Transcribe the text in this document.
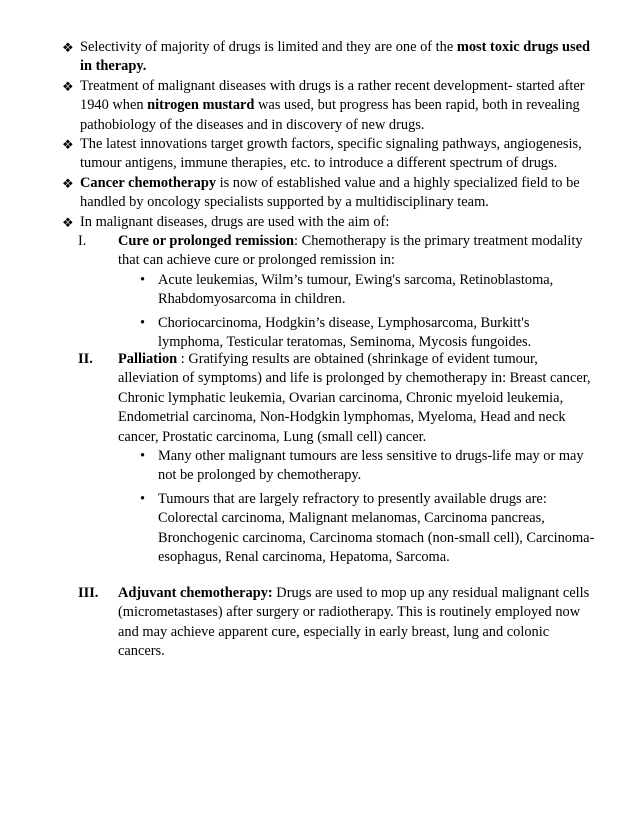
❖ Selectivity of majority of drugs is limited and they are one of the most toxic drugs used in therapy.

❖ Treatment of malignant diseases with drugs is a rather recent development- started after 1940 when nitrogen mustard was used, but progress has been rapid, both in revealing pathobiology of the diseases and in discovery of new drugs.

❖ The latest innovations target growth factors, specific signaling pathways, angiogenesis, tumour antigens, immune therapies, etc. to introduce a different spectrum of drugs.

❖ Cancer chemotherapy is now of established value and a highly specialized field to be handled by oncology specialists supported by a multidisciplinary team.

❖ In malignant diseases, drugs are used with the aim of:

I. Cure or prolonged remission: Chemotherapy is the primary treatment modality that can achieve cure or prolonged remission in:
• Acute leukemias, Wilm’s tumour, Ewing's sarcoma, Retinoblastoma, Rhabdomyosarcoma in children.
• Choriocarcinoma, Hodgkin’s disease, Lymphosarcoma, Burkitt's lymphoma, Testicular teratomas, Seminoma, Mycosis fungoides.
II. Palliation : Gratifying results are obtained (shrinkage of evident tumour, alleviation of symptoms) and life is prolonged by chemotherapy in: Breast cancer, Chronic lymphatic leukemia, Ovarian carcinoma, Chronic myeloid leukemia, Endometrial carcinoma, Non-Hodgkin lymphomas, Myeloma, Head and neck cancer, Prostatic carcinoma, Lung (small cell) cancer.
• Many other malignant tumours are less sensitive to drugs-life may or may not be prolonged by chemotherapy.
• Tumours that are largely refractory to presently available drugs are: Colorectal carcinoma, Malignant melanomas, Carcinoma pancreas, Bronchogenic carcinoma, Carcinoma stomach (non-small cell), Carcinoma-esophagus, Renal carcinoma, Hepatoma, Sarcoma.
III. Adjuvant chemotherapy: Drugs are used to mop up any residual malignant cells (micrometastases) after surgery or radiotherapy. This is routinely employed now and may achieve apparent cure, especially in early breast, lung and colonic cancers.
